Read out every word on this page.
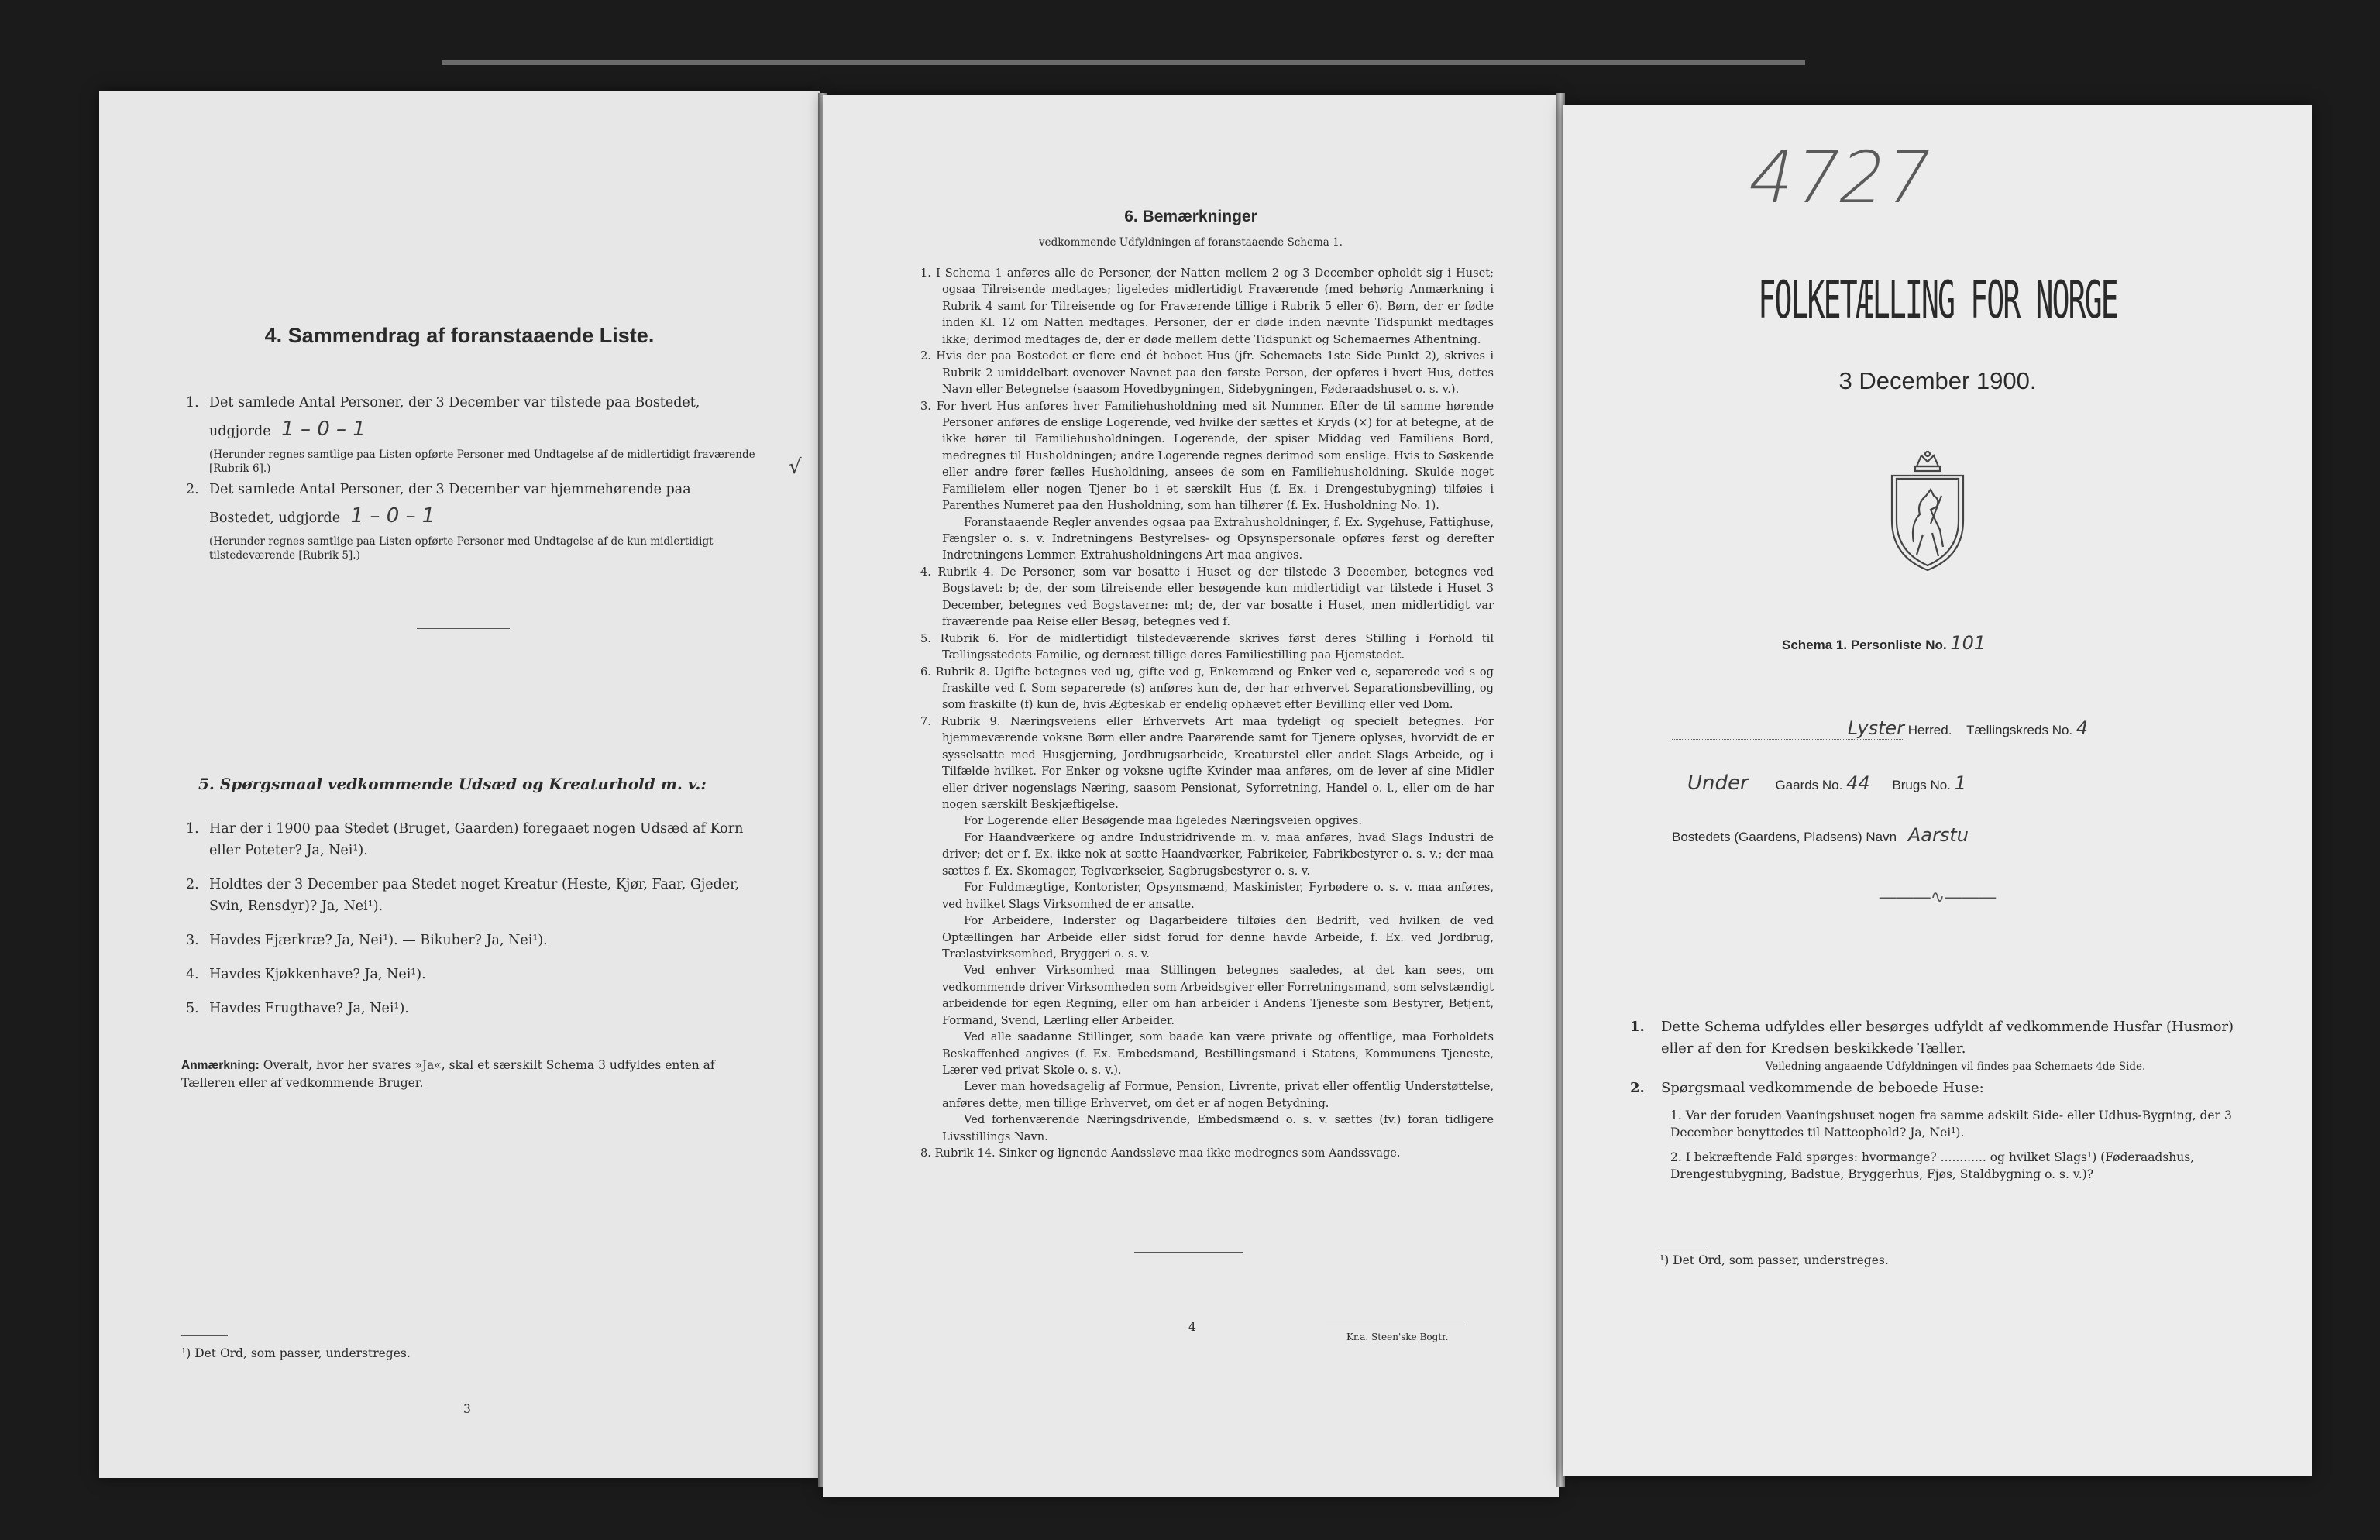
4. Sammendrag af foranstaaende Liste.
1. Det samlede Antal Personer, der 3 December var tilstede paa Bostedet,
udgjorde 1 – 0 – 1
(Herunder regnes samtlige paa Listen opførte Personer med Undtagelse af de midlertidigt fraværende [Rubrik 6].)
2. Det samlede Antal Personer, der 3 December var hjemmehørende paa
Bostedet, udgjorde 1 – 0 – 1
(Herunder regnes samtlige paa Listen opførte Personer med Undtagelse af de kun midlertidigt tilstedeværende [Rubrik 5].)
√
5. Spørgsmaal vedkommende Udsæd og Kreaturhold m. v.:
1. Har der i 1900 paa Stedet (Bruget, Gaarden) foregaaet nogen Udsæd af Korn eller Poteter? Ja, Nei¹).
2. Holdtes der 3 December paa Stedet noget Kreatur (Heste, Kjør, Faar, Gjeder, Svin, Rensdyr)? Ja, Nei¹).
3. Havdes Fjærkræ? Ja, Nei¹). — Bikuber? Ja, Nei¹).
4. Havdes Kjøkkenhave? Ja, Nei¹).
5. Havdes Frugthave? Ja, Nei¹).
Anmærkning: Overalt, hvor her svares »Ja«, skal et særskilt Schema 3 udfyldes enten af Tælleren eller af vedkommende Bruger.
¹) Det Ord, som passer, understreges.
3
6. Bemærkninger
vedkommende Udfyldningen af foranstaaende Schema 1.

1. I Schema 1 anføres alle de Personer, der Natten mellem 2 og 3 December opholdt sig i Huset; ogsaa Tilreisende medtages; ligeledes midlertidigt Fraværende (med behørig Anmærkning i Rubrik 4 samt for Tilreisende og for Fraværende tillige i Rubrik 5 eller 6). Børn, der er fødte inden Kl. 12 om Natten medtages. Personer, der er døde inden nævnte Tidspunkt medtages ikke; derimod medtages de, der er døde mellem dette Tidspunkt og Schemaernes Afhentning.

2. Hvis der paa Bostedet er flere end ét beboet Hus (jfr. Schemaets 1ste Side Punkt 2), skrives i Rubrik 2 umiddelbart ovenover Navnet paa den første Person, der opføres i hvert Hus, dettes Navn eller Betegnelse (saasom Hovedbygningen, Sidebygningen, Føderaadshuset o. s. v.).

3. For hvert Hus anføres hver Familiehusholdning med sit Nummer. Efter de til samme hørende Personer anføres de enslige Logerende, ved hvilke der sættes et Kryds (×) for at betegne, at de ikke hører til Familiehusholdningen. Logerende, der spiser Middag ved Familiens Bord, medregnes til Husholdningen; andre Logerende regnes derimod som enslige. Hvis to Søskende eller andre fører fælles Husholdning, ansees de som en Familiehusholdning. Skulde noget Familielem eller nogen Tjener bo i et særskilt Hus (f. Ex. i Drengestubygning) tilføies i Parenthes Numeret paa den Husholdning, som han tilhører (f. Ex. Husholdning No. 1).

Foranstaaende Regler anvendes ogsaa paa Extrahusholdninger, f. Ex. Sygehuse, Fattighuse, Fængsler o. s. v. Indretningens Bestyrelses- og Opsynspersonale opføres først og derefter Indretningens Lemmer. Extrahusholdningens Art maa angives.

4. Rubrik 4. De Personer, som var bosatte i Huset og der tilstede 3 December, betegnes ved Bogstavet: b; de, der som tilreisende eller besøgende kun midlertidigt var tilstede i Huset 3 December, betegnes ved Bogstaverne: mt; de, der var bosatte i Huset, men midlertidigt var fraværende paa Reise eller Besøg, betegnes ved f.

5. Rubrik 6. For de midlertidigt tilstedeværende skrives først deres Stilling i Forhold til Tællingsstedets Familie, og dernæst tillige deres Familiestilling paa Hjemstedet.

6. Rubrik 8. Ugifte betegnes ved ug, gifte ved g, Enkemænd og Enker ved e, separerede ved s og fraskilte ved f. Som separerede (s) anføres kun de, der har erhvervet Separationsbevilling, og som fraskilte (f) kun de, hvis Ægteskab er endelig ophævet efter Bevilling eller ved Dom.

7. Rubrik 9. Næringsveiens eller Erhvervets Art maa tydeligt og specielt betegnes. For hjemmeværende voksne Børn eller andre Paarørende samt for Tjenere oplyses, hvorvidt de er sysselsatte med Husgjerning, Jordbrugsarbeide, Kreaturstel eller andet Slags Arbeide, og i Tilfælde hvilket. For Enker og voksne ugifte Kvinder maa anføres, om de lever af sine Midler eller driver nogenslags Næring, saasom Pensionat, Syforretning, Handel o. l., eller om de har nogen særskilt Beskjæftigelse.

For Logerende eller Besøgende maa ligeledes Næringsveien opgives.

For Haandværkere og andre Industridrivende m. v. maa anføres, hvad Slags Industri de driver; det er f. Ex. ikke nok at sætte Haandværker, Fabrikeier, Fabrikbestyrer o. s. v.; der maa sættes f. Ex. Skomager, Teglværkseier, Sagbrugsbestyrer o. s. v.

For Fuldmægtige, Kontorister, Opsynsmænd, Maskinister, Fyrbødere o. s. v. maa anføres, ved hvilket Slags Virksomhed de er ansatte.

For Arbeidere, Inderster og Dagarbeidere tilføies den Bedrift, ved hvilken de ved Optællingen har Arbeide eller sidst forud for denne havde Arbeide, f. Ex. ved Jordbrug, Trælastvirksomhed, Bryggeri o. s. v.

Ved enhver Virksomhed maa Stillingen betegnes saaledes, at det kan sees, om vedkommende driver Virksomheden som Arbeidsgiver eller Forretningsmand, som selvstændigt arbeidende for egen Regning, eller om han arbeider i Andens Tjeneste som Bestyrer, Betjent, Formand, Svend, Lærling eller Arbeider.

Ved alle saadanne Stillinger, som baade kan være private og offentlige, maa Forholdets Beskaffenhed angives (f. Ex. Embedsmand, Bestillingsmand i Statens, Kommunens Tjeneste, Lærer ved privat Skole o. s. v.).

Lever man hovedsagelig af Formue, Pension, Livrente, privat eller offentlig Understøttelse, anføres dette, men tillige Erhvervet, om det er af nogen Betydning.

Ved forhenværende Næringsdrivende, Embedsmænd o. s. v. sættes (fv.) foran tidligere Livsstillings Navn.

8. Rubrik 14. Sinker og lignende Aandssløve maa ikke medregnes som Aandssvage.

4
Kr.a. Steen'ske Bogtr.
4727
FOLKETÆLLING FOR NORGE
3 December 1900.
Schema 1. Personliste No. 101
Lyster Herred. Tællingskreds No. 4
Under Gaards No. 44 Brugs No. 1
Bostedets (Gaardens, Pladsens) Navn Aarstu
―――∿―――
1. Dette Schema udfyldes eller besørges udfyldt af vedkommende Husfar (Husmor) eller af den for Kredsen beskikkede Tæller.
Veiledning angaaende Udfyldningen vil findes paa Schemaets 4de Side.
2. Spørgsmaal vedkommende de beboede Huse:
1. Var der foruden Vaaningshuset nogen fra samme adskilt Side- eller Udhus-Bygning, der 3 December benyttedes til Natteophold? Ja, Nei¹).
2. I bekræftende Fald spørges: hvormange? ............ og hvilket Slags¹) (Føderaadshus, Drengestubygning, Badstue, Bryggerhus, Fjøs, Staldbygning o. s. v.)?
¹) Det Ord, som passer, understreges.
